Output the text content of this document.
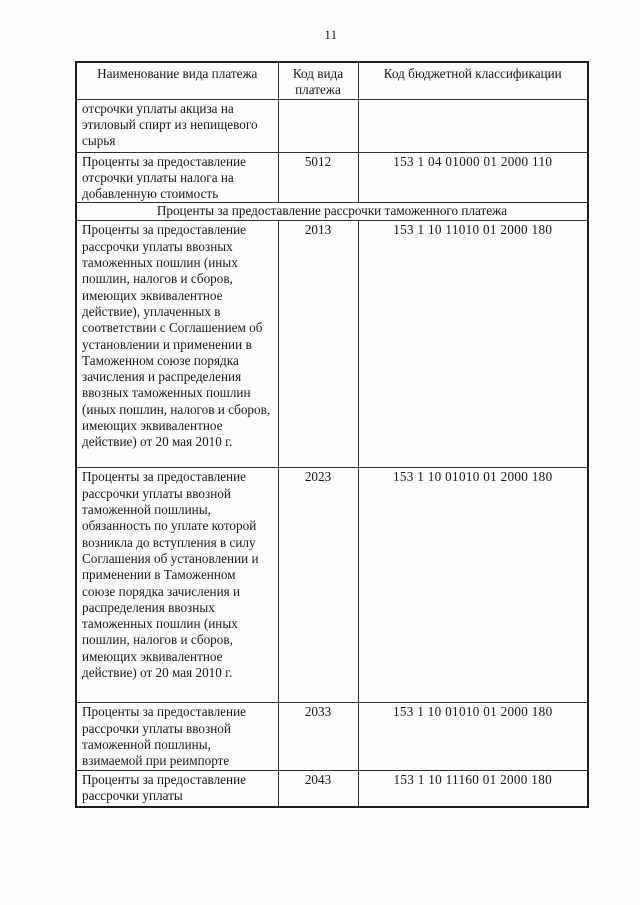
11
Наименование вида платежа	Код вида платежа	Код бюджетной классификации
отсрочки уплаты акциза на этиловый спирт из непищевого сырья		
Проценты за предоставление отсрочки уплаты налога на добавленную стоимость	5012	153 1 04 01000 01 2000 110
Проценты за предоставление рассрочки таможенного платежа		
Проценты за предоставление рассрочки уплаты ввозных таможенных пошлин (иных пошлин, налогов и сборов, имеющих эквивалентное действие), уплаченных в соответствии с Соглашением об установлении и применении в Таможенном союзе порядка зачисления и распределения ввозных таможенных пошлин (иных пошлин, налогов и сборов, имеющих эквивалентное действие) от 20 мая 2010 г.	2013	153 1 10 11010 01 2000 180
Проценты за предоставление рассрочки уплаты ввозной таможенной пошлины, обязанность по уплате которой возникла до вступления в силу Соглашения об установлении и применении в Таможенном союзе порядка зачисления и распределения ввозных таможенных пошлин (иных пошлин, налогов и сборов, имеющих эквивалентное действие) от 20 мая 2010 г.	2023	153 1 10 01010 01 2000 180
Проценты за предоставление рассрочки уплаты ввозной таможенной пошлины, взимаемой при реимпорте	2033	153 1 10 01010 01 2000 180
Проценты за предоставление рассрочки уплаты	2043	153 1 10 11160 01 2000 180
